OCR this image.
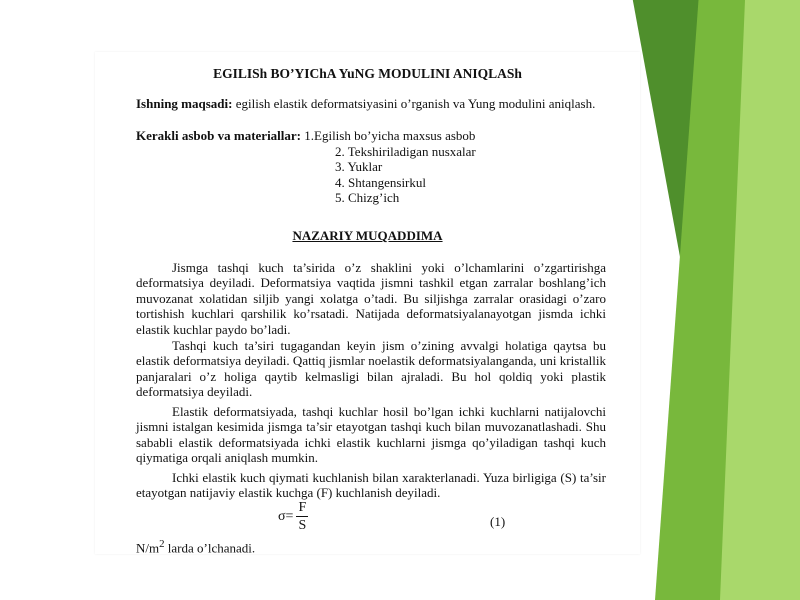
EGILISh BO’YIChA YuNG MODULINI ANIQLASh
Ishning maqsadi: egilish elastik deformatsiyasini o’rganish va Yung modulini aniqlash.
Kerakli asbob va materiallar: 1.Egilish bo’yicha maxsus asbob
2. Tekshiriladigan nusxalar
3. Yuklar
4. Shtangensirkul
5. Chizg’ich
NAZARIY MUQADDIMA
Jismga tashqi kuch ta’sirida o’z shaklini yoki o’lchamlarini o’zgartirishga deformatsiya deyiladi. Deformatsiya vaqtida jismni tashkil etgan zarralar boshlang’ich muvozanat xolatidan siljib yangi xolatga o’tadi. Bu siljishga zarralar orasidagi o’zaro tortishish kuchlari qarshilik ko’rsatadi. Natijada deformatsiyalanayotgan jismda ichki elastik kuchlar paydo bo’ladi.
Tashqi kuch ta’siri tugagandan keyin jism o’zining avvalgi holatiga qaytsa bu elastik deformatsiya deyiladi. Qattiq jismlar noelastik deformatsiyalanganda, uni kristallik panjaralari o’z holiga qaytib kelmasligi bilan ajraladi. Bu hol qoldiq yoki plastik deformatsiya deyiladi.
Elastik deformatsiyada, tashqi kuchlar hosil bo’lgan ichki kuchlarni natijalovchi jismni istalgan kesimida jismga ta’sir etayotgan tashqi kuch bilan muvozanatlashadi. Shu sababli elastik deformatsiyada ichki elastik kuchlarni jismga qo’yiladigan tashqi kuch qiymatiga orqali aniqlash mumkin.
Ichki elastik kuch qiymati kuchlanish bilan xarakterlanadi. Yuza birligiga (S) ta’sir etayotgan natijaviy elastik kuchga (F) kuchlanish deyiladi.
$\sigma= \frac{F}{S}$	(1)
$N/m^2$ larda o’lchanadi.
